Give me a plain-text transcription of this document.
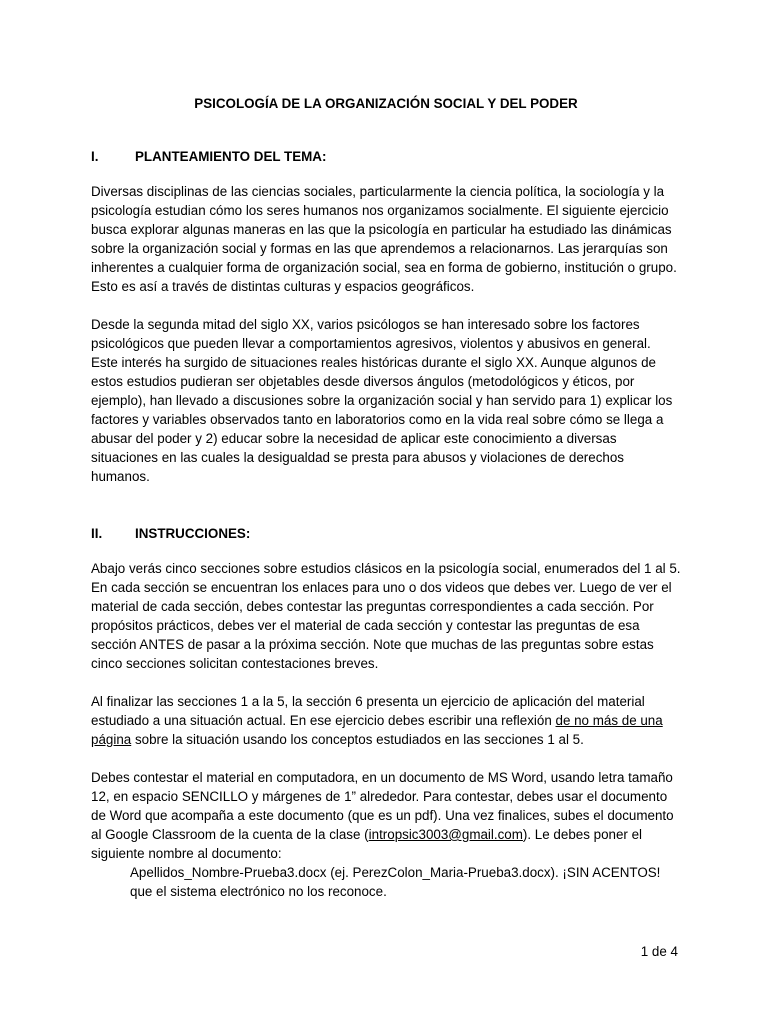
PSICOLOGÍA DE LA ORGANIZACIÓN SOCIAL Y DEL PODER
I.	PLANTEAMIENTO DEL TEMA:

Diversas disciplinas de las ciencias sociales, particularmente la ciencia política, la sociología y la psicología estudian cómo los seres humanos nos organizamos socialmente. El siguiente ejercicio busca explorar algunas maneras en las que la psicología en particular ha estudiado las dinámicas sobre la organización social y formas en las que aprendemos a relacionarnos. Las jerarquías son inherentes a cualquier forma de organización social, sea en forma de gobierno, institución o grupo. Esto es así a través de distintas culturas y espacios geográficos.

Desde la segunda mitad del siglo XX, varios psicólogos se han interesado sobre los factores psicológicos que pueden llevar a comportamientos agresivos, violentos y abusivos en general. Este interés ha surgido de situaciones reales históricas durante el siglo XX. Aunque algunos de estos estudios pudieran ser objetables desde diversos ángulos (metodológicos y éticos, por ejemplo), han llevado a discusiones sobre la organización social y han servido para 1) explicar los factores y variables observados tanto en laboratorios como en la vida real sobre cómo se llega a abusar del poder y 2) educar sobre la necesidad de aplicar este conocimiento a diversas situaciones en las cuales la desigualdad se presta para abusos y violaciones de derechos humanos.

II.	INSTRUCCIONES:

Abajo verás cinco secciones sobre estudios clásicos en la psicología social, enumerados del 1 al 5. En cada sección se encuentran los enlaces para uno o dos videos que debes ver. Luego de ver el material de cada sección, debes contestar las preguntas correspondientes a cada sección. Por propósitos prácticos, debes ver el material de cada sección y contestar las preguntas de esa sección ANTES de pasar a la próxima sección. Note que muchas de las preguntas sobre estas cinco secciones solicitan contestaciones breves.

Al finalizar las secciones 1 a la 5, la sección 6 presenta un ejercicio de aplicación del material estudiado a una situación actual. En ese ejercicio debes escribir una reflexión de no más de una página sobre la situación usando los conceptos estudiados en las secciones 1 al 5.

Debes contestar el material en computadora, en un documento de MS Word, usando letra tamaño 12, en espacio SENCILLO y márgenes de 1” alrededor. Para contestar, debes usar el documento de Word que acompaña a este documento (que es un pdf). Una vez finalices, subes el documento al Google Classroom de la cuenta de la clase (intropsic3003@gmail.com). Le debes poner el siguiente nombre al documento:

Apellidos_Nombre-Prueba3.docx (ej. PerezColon_Maria-Prueba3.docx). ¡SIN ACENTOS! que el sistema electrónico no los reconoce.

1 de 4
